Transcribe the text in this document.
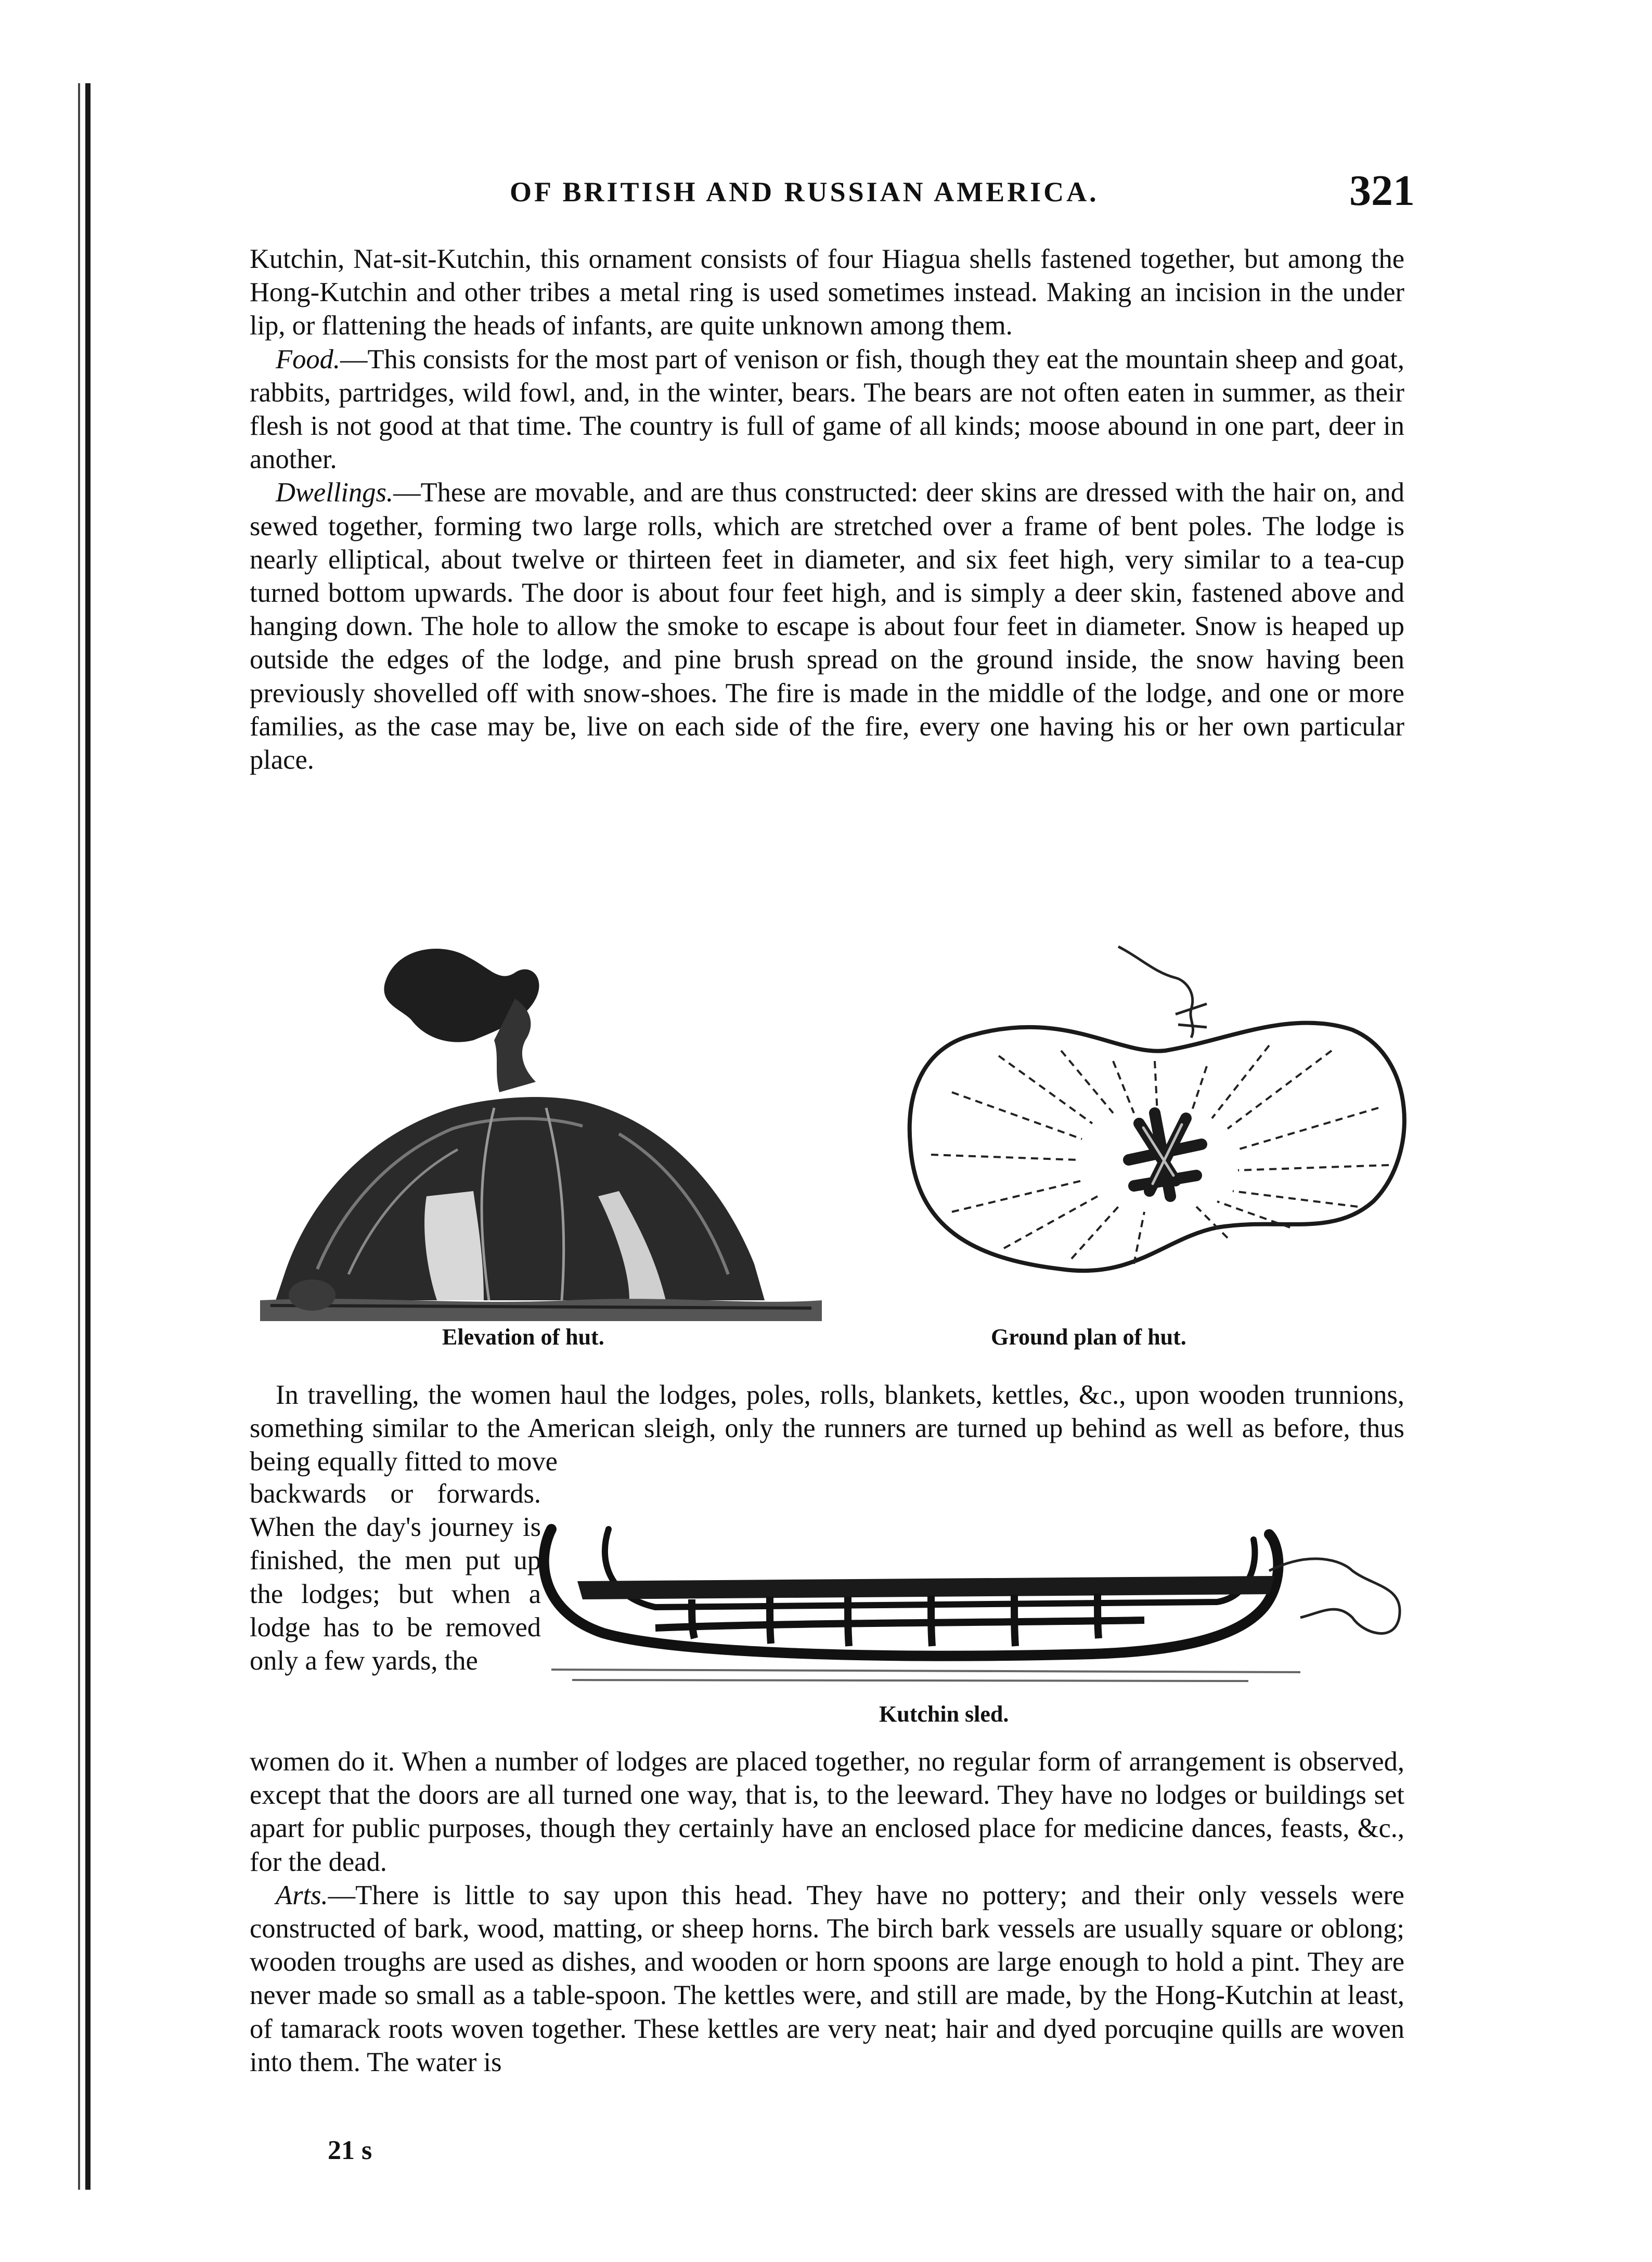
OF BRITISH AND RUSSIAN AMERICA.	321

Kutchin, Nat-sit-Kutchin, this ornament consists of four Hiagua shells fastened together, but among the Hong-Kutchin and other tribes a metal ring is used sometimes instead. Making an incision in the under lip, or flattening the heads of infants, are quite unknown among them.

Food.—This consists for the most part of venison or fish, though they eat the mountain sheep and goat, rabbits, partridges, wild fowl, and, in the winter, bears. The bears are not often eaten in summer, as their flesh is not good at that time. The country is full of game of all kinds; moose abound in one part, deer in another.

Dwellings.—These are movable, and are thus constructed: deer skins are dressed with the hair on, and sewed together, forming two large rolls, which are stretched over a frame of bent poles. The lodge is nearly elliptical, about twelve or thirteen feet in diameter, and six feet high, very similar to a tea-cup turned bottom upwards. The door is about four feet high, and is simply a deer skin, fastened above and hanging down. The hole to allow the smoke to escape is about four feet in diameter. Snow is heaped up outside the edges of the lodge, and pine brush spread on the ground inside, the snow having been previously shovelled off with snow-shoes. The fire is made in the middle of the lodge, and one or more families, as the case may be, live on each side of the fire, every one having his or her own particular place.

Elevation of hut.	Ground plan of hut.

In travelling, the women haul the lodges, poles, rolls, blankets, kettles, &c., upon wooden trunnions, something similar to the American sleigh, only the runners are turned up behind as well as before, thus being equally fitted to move

backwards or forwards. When the day's journey is finished, the men put up the lodges; but when a lodge has to be removed only a few yards, the

Kutchin sled.

women do it. When a number of lodges are placed together, no regular form of arrangement is observed, except that the doors are all turned one way, that is, to the leeward. They have no lodges or buildings set apart for public purposes, though they certainly have an enclosed place for medicine dances, feasts, &c., for the dead.

Arts.—There is little to say upon this head. They have no pottery; and their only vessels were constructed of bark, wood, matting, or sheep horns. The birch bark vessels are usually square or oblong; wooden troughs are used as dishes, and wooden or horn spoons are large enough to hold a pint. They are never made so small as a table-spoon. The kettles were, and still are made, by the Hong-Kutchin at least, of tamarack roots woven together. These kettles are very neat; hair and dyed porcuqine quills are woven into them. The water is

21 s
